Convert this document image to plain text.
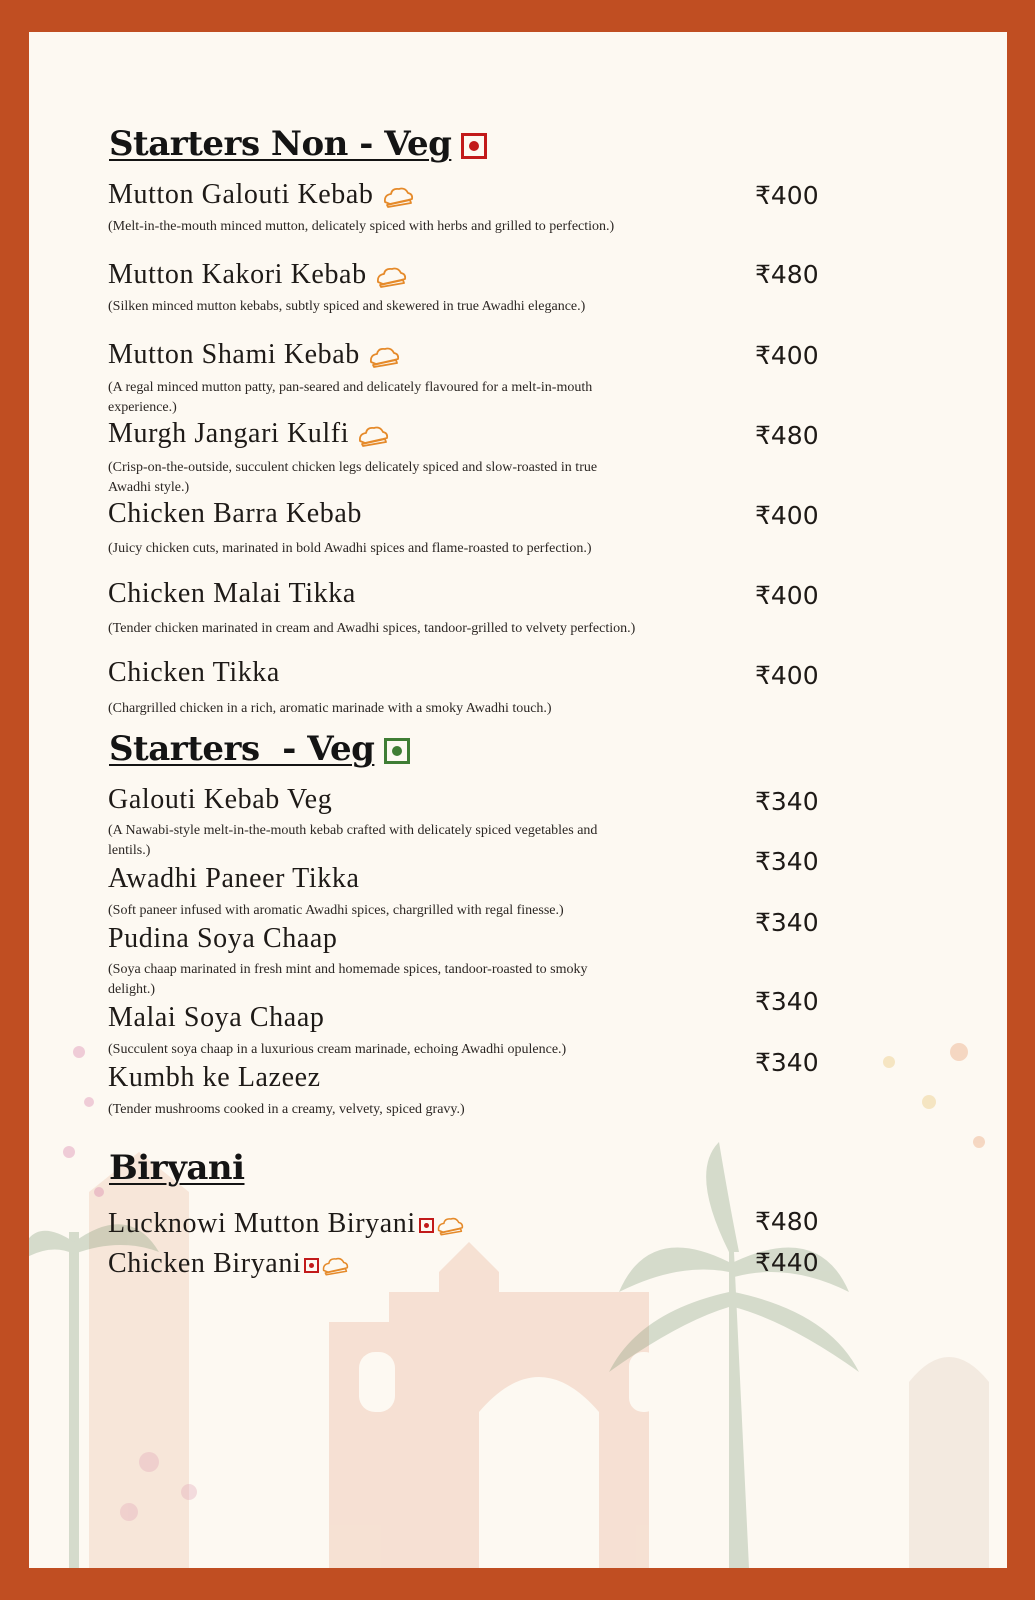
Starters Non - Veg
Mutton Galouti Kebab
(Melt-in-the-mouth minced mutton, delicately spiced with herbs and grilled to perfection.)
₹400
Mutton Kakori Kebab
(Silken minced mutton kebabs, subtly spiced and skewered in true Awadhi elegance.)
₹480
Mutton Shami Kebab
(A regal minced mutton patty, pan-seared and delicately flavoured for a melt-in-mouth experience.)
₹400
Murgh Jangari Kulfi
(Crisp-on-the-outside, succulent chicken legs delicately spiced and slow-roasted in true Awadhi style.)
₹480
Chicken Barra Kebab
(Juicy chicken cuts, marinated in bold Awadhi spices and flame-roasted to perfection.)
₹400
Chicken Malai Tikka
(Tender chicken marinated in cream and Awadhi spices, tandoor-grilled to velvety perfection.)
₹400
Chicken Tikka
(Chargrilled chicken in a rich, aromatic marinade with a smoky Awadhi touch.)
₹400
Starters  - Veg
Galouti Kebab Veg
(A Nawabi-style melt-in-the-mouth kebab crafted with delicately spiced vegetables and lentils.)
₹340
Awadhi Paneer Tikka
(Soft paneer infused with aromatic Awadhi spices, chargrilled with regal finesse.)
₹340
Pudina Soya Chaap
(Soya chaap marinated in fresh mint and homemade spices, tandoor-roasted to smoky delight.)
₹340
Malai Soya Chaap
(Succulent soya chaap in a luxurious cream marinade, echoing Awadhi opulence.)
₹340
Kumbh ke Lazeez
(Tender mushrooms cooked in a creamy, velvety, spiced gravy.)
₹340
Biryani
Lucknowi Mutton Biryani	₹480
Chicken Biryani	₹440
